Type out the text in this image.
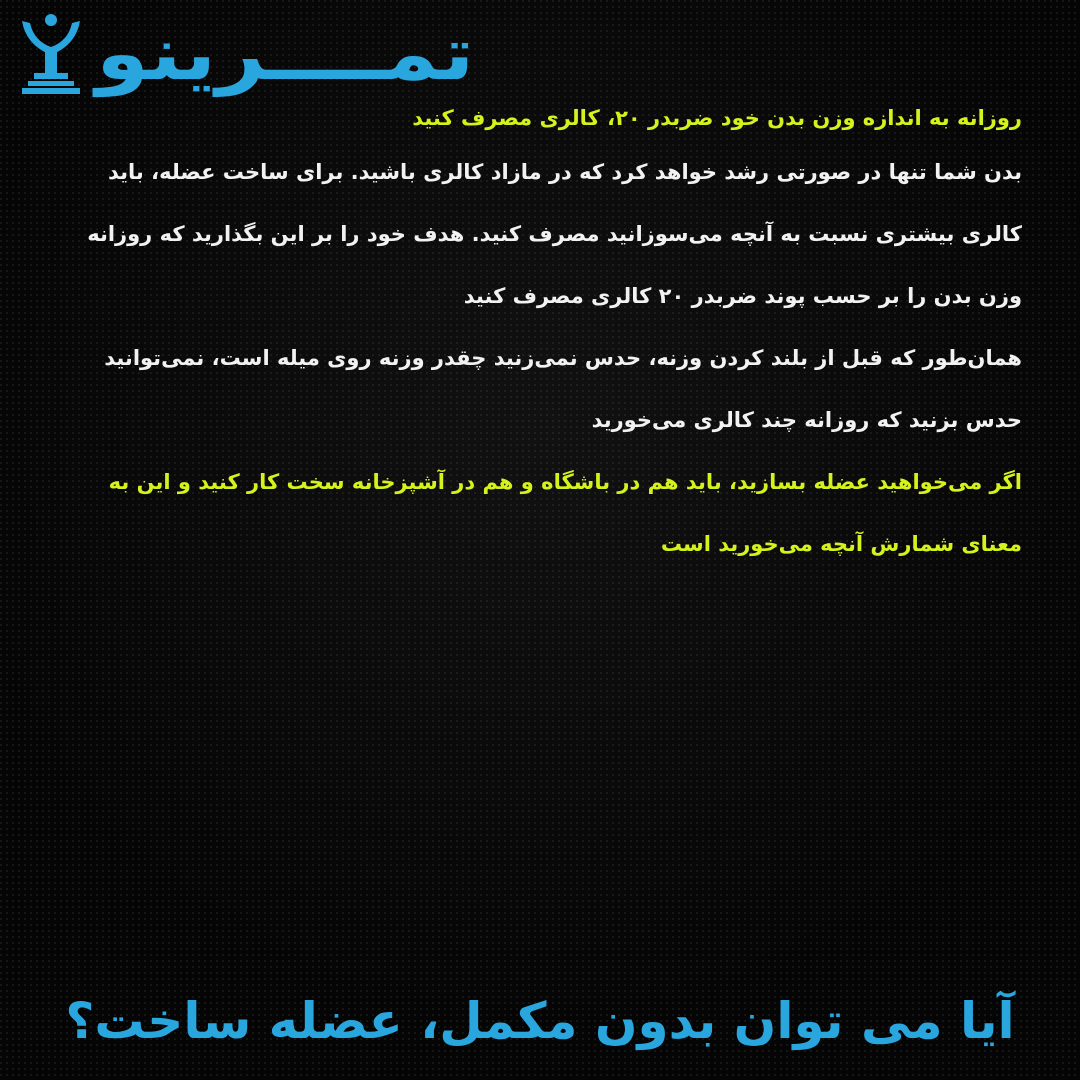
تمــــرینو
روزانه به اندازه وزن بدن خود ضربدر ۲۰، کالری مصرف کنید
بدن شما تنها در صورتی رشد خواهد کرد که در مازاد کالری باشید. برای ساخت عضله، باید
کالری بیشتری نسبت به آنچه می‌سوزانید مصرف کنید. هدف خود را بر این بگذارید که روزانه
وزن بدن را بر حسب پوند ضربدر ۲۰ کالری مصرف کنید
همان‌طور که قبل از بلند کردن وزنه، حدس نمی‌زنید چقدر وزنه روی میله است، نمی‌توانید
حدس بزنید که روزانه چند کالری می‌خورید
اگر می‌خواهید عضله بسازید، باید هم در باشگاه و هم در آشپزخانه سخت کار کنید و این به
معنای شمارش آنچه می‌خورید است
آیا می توان بدون مکمل، عضله ساخت؟
